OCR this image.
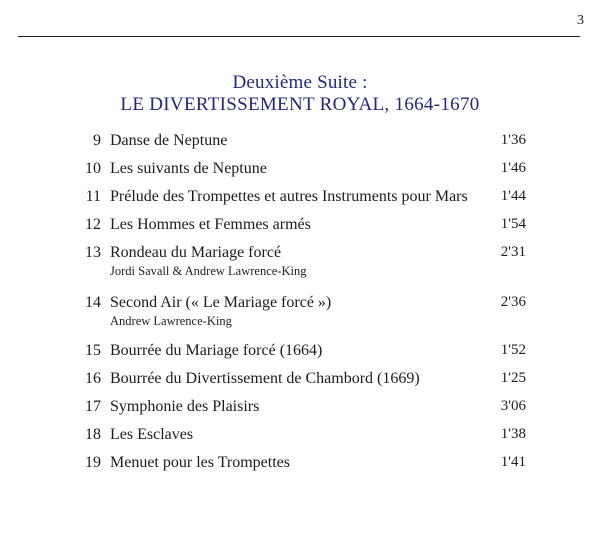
3
Deuxième Suite :
LE DIVERTISSEMENT ROYAL, 1664-1670
9 Danse de Neptune	1'36
10 Les suivants de Neptune	1'46
11 Prélude des Trompettes et autres Instruments pour Mars	1'44
12 Les Hommes et Femmes armés	1'54
13 Rondeau du Mariage forcé	2'31
Jordi Savall & Andrew Lawrence-King
14 Second Air (« Le Mariage forcé »)	2'36
Andrew Lawrence-King
15 Bourrée du Mariage forcé (1664)	1'52
16 Bourrée du Divertissement de Chambord (1669)	1'25
17 Symphonie des Plaisirs	3'06
18 Les Esclaves	1'38
19 Menuet pour les Trompettes	1'41
